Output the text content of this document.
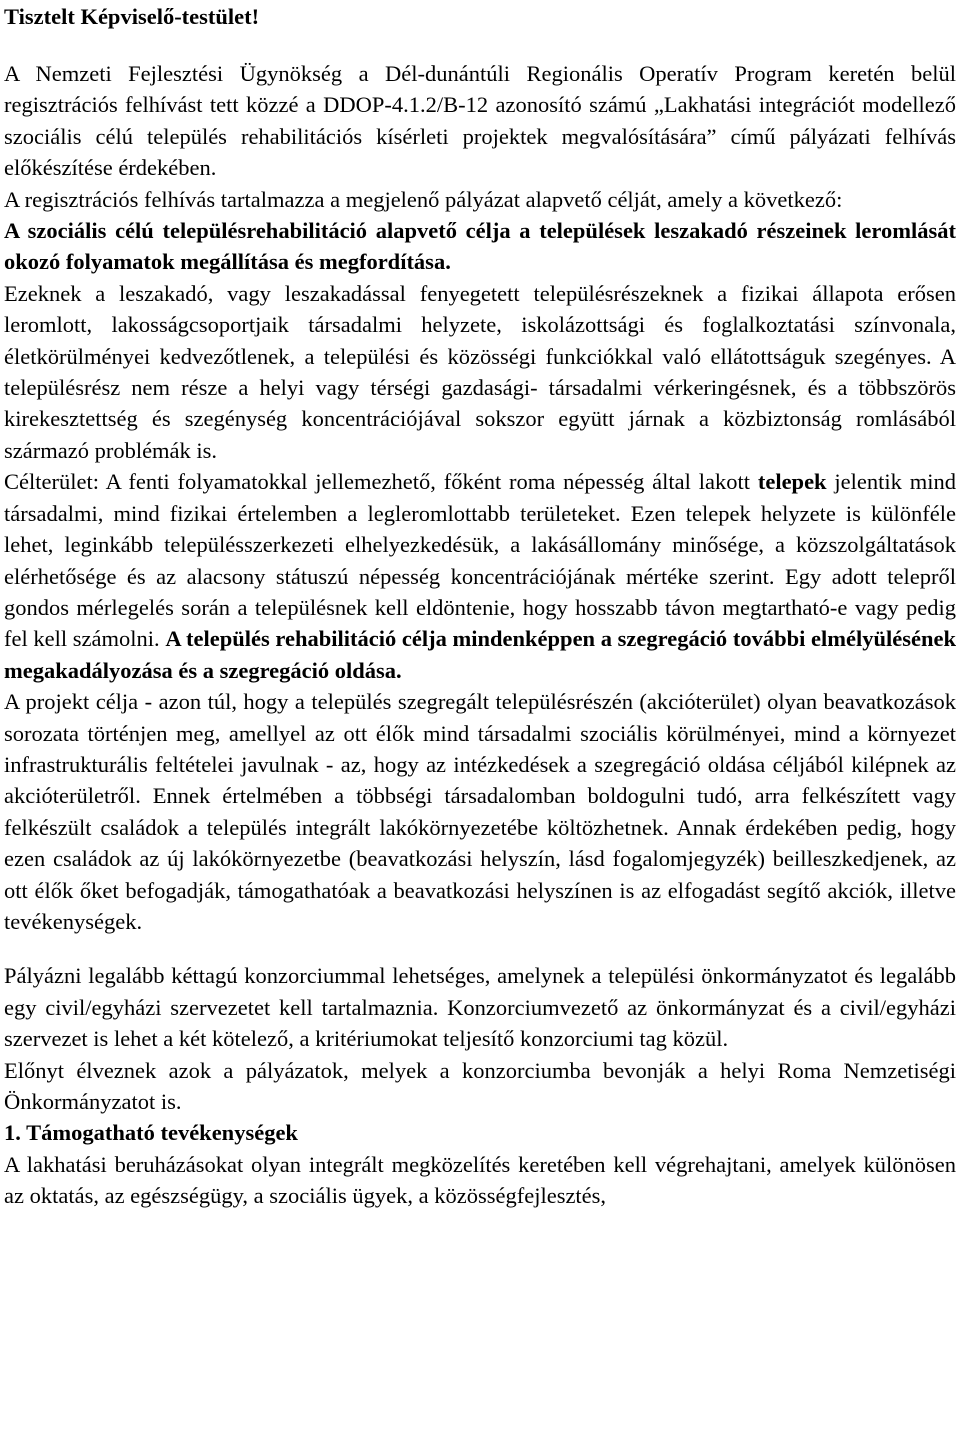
Tisztelt Képviselő-testület!

A Nemzeti Fejlesztési Ügynökség a Dél-dunántúli Regionális Operatív Program keretén belül regisztrációs felhívást tett közzé a DDOP-4.1.2/B-12 azonosító számú „Lakhatási integrációt modellező szociális célú település rehabilitációs kísérleti projektek megvalósítására” című pályázati felhívás előkészítése érdekében.

A regisztrációs felhívás tartalmazza a megjelenő pályázat alapvető célját, amely a következő:

A szociális célú településrehabilitáció alapvető célja a települések leszakadó részeinek leromlását okozó folyamatok megállítása és megfordítása.

Ezeknek a leszakadó, vagy leszakadással fenyegetett településrészeknek a fizikai állapota erősen leromlott, lakosságcsoportjaik társadalmi helyzete, iskolázottsági és foglalkoztatási színvonala, életkörülményei kedvezőtlenek, a települési és közösségi funkciókkal való ellátottságuk szegényes. A településrész nem része a helyi vagy térségi gazdasági- társadalmi vérkeringésnek, és a többszörös kirekesztettség és szegénység koncentrációjával sokszor együtt járnak a közbiztonság romlásából származó problémák is.

Célterület: A fenti folyamatokkal jellemezhető, főként roma népesség által lakott telepek jelentik mind társadalmi, mind fizikai értelemben a legleromlottabb területeket. Ezen telepek helyzete is különféle lehet, leginkább településszerkezeti elhelyezkedésük, a lakásállomány minősége, a közszolgáltatások elérhetősége és az alacsony státuszú népesség koncentrációjának mértéke szerint. Egy adott telepről gondos mérlegelés során a településnek kell eldöntenie, hogy hosszabb távon megtartható-e vagy pedig fel kell számolni. A település rehabilitáció célja mindenképpen a szegregáció további elmélyülésének megakadályozása és a szegregáció oldása.

A projekt célja - azon túl, hogy a település szegregált településrészén (akcióterület) olyan beavatkozások sorozata történjen meg, amellyel az ott élők mind társadalmi szociális körülményei, mind a környezet infrastrukturális feltételei javulnak - az, hogy az intézkedések a szegregáció oldása céljából kilépnek az akcióterületről. Ennek értelmében a többségi társadalomban boldogulni tudó, arra felkészített vagy felkészült családok a település integrált lakókörnyezetébe költözhetnek. Annak érdekében pedig, hogy ezen családok az új lakókörnyezetbe (beavatkozási helyszín, lásd fogalomjegyzék) beilleszkedjenek, az ott élők őket befogadják, támogathatóak a beavatkozási helyszínen is az elfogadást segítő akciók, illetve tevékenységek.

Pályázni legalább kéttagú konzorciummal lehetséges, amelynek a települési önkormányzatot és legalább egy civil/egyházi szervezetet kell tartalmaznia. Konzorciumvezető az önkormányzat és a civil/egyházi szervezet is lehet a két kötelező, a kritériumokat teljesítő konzorciumi tag közül.

Előnyt élveznek azok a pályázatok, melyek a konzorciumba bevonják a helyi Roma Nemzetiségi Önkormányzatot is.

1. Támogatható tevékenységek

A lakhatási beruházásokat olyan integrált megközelítés keretében kell végrehajtani, amelyek különösen az oktatás, az egészségügy, a szociális ügyek, a közösségfejlesztés,
